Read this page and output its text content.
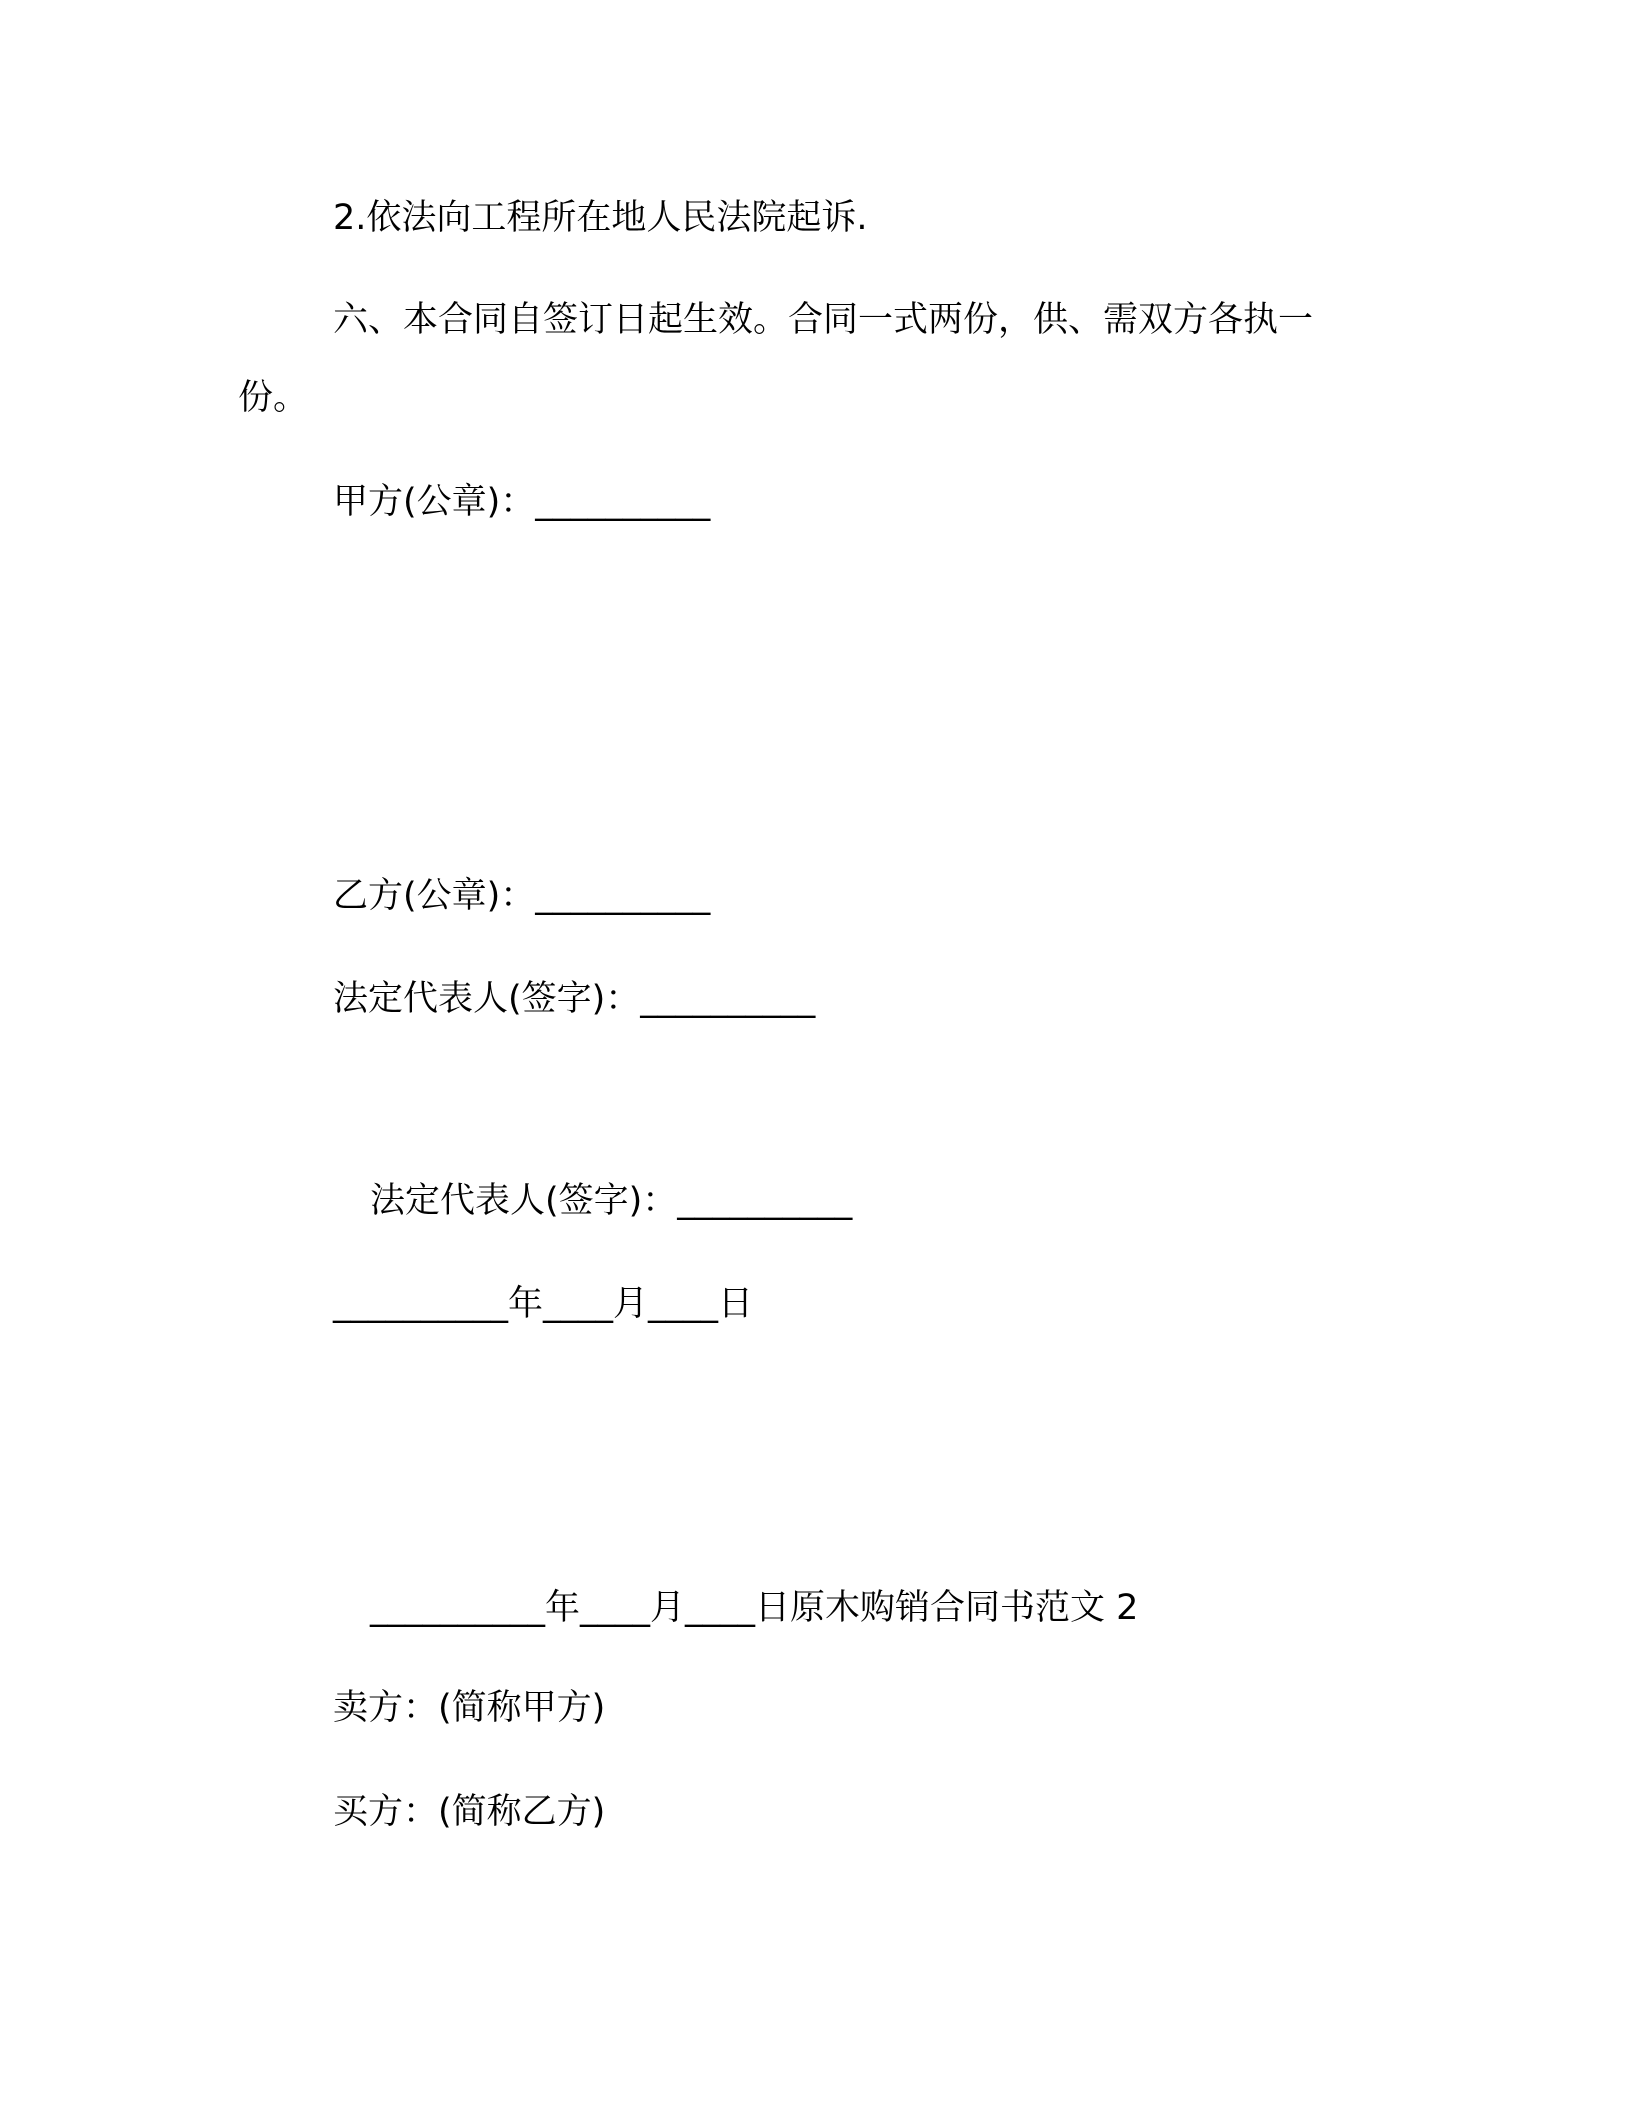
2.依法向工程所在地人民法院起诉.
六、本合同自签订日起生效。合同一式两份，供、需双方各执一
份。
甲方(公章)：__________
乙方(公章)：__________
法定代表人(签字)：__________
法定代表人(签字)：__________
__________年____月____日
__________年____月____日原木购销合同书范文 2
卖方：(简称甲方)
买方：(简称乙方)
